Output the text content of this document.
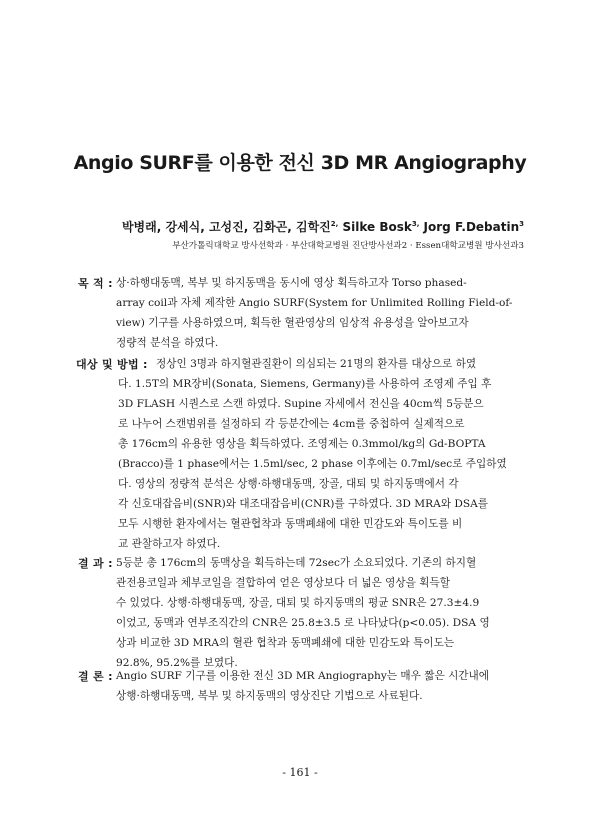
Angio SURF를 이용한 전신 3D MR Angiography
박병래, 강세식, 고성진, 김화곤, 김학진$^{2,}$ Silke Bosk$^{3,}$ Jorg F.Debatin$^3$
부산가톨릭대학교 방사선학과 · 부산대학교병원 진단방사선과2 · Essen대학교병원 방사선과3
목 적 : 상·하행대동맥, 복부 및 하지동맥을 동시에 영상 획득하고자 Torso phased-
array coil과 자체 제작한 Angio SURF(System for Unlimited Rolling Field-of-
view) 기구를 사용하였으며, 획득한 혈관영상의 임상적 유용성을 알아보고자
정량적 분석을 하였다.
대상 및 방법 : 정상인 3명과 하지혈관질환이 의심되는 21명의 환자를 대상으로 하였
다. 1.5T의 MR장비(Sonata, Siemens, Germany)를 사용하여 조영제 주입 후
3D FLASH 시퀀스로 스캔 하였다. Supine 자세에서 전신을 40cm씩 5등분으
로 나누어 스캔범위를 설정하되 각 등분간에는 4cm를 중첩하여 실제적으로
총 176cm의 유용한 영상을 획득하였다. 조영제는 0.3mmol/kg의 Gd-BOPTA
(Bracco)를 1 phase에서는 1.5ml/sec, 2 phase 이후에는 0.7ml/sec로 주입하였
다. 영상의 정량적 분석은 상행·하행대동맥, 장골, 대퇴 및 하지동맥에서 각
각 신호대잡음비(SNR)와 대조대잡음비(CNR)를 구하였다. 3D MRA와 DSA를
모두 시행한 환자에서는 혈관협착과 동맥폐쇄에 대한 민감도와 특이도를 비
교 관찰하고자 하였다.
결 과 : 5등분 총 176cm의 동맥상을 획득하는데 72sec가 소요되었다. 기존의 하지혈
관전용코일과 체부코일을 결합하여 얻은 영상보다 더 넓은 영상을 획득할
수 있었다. 상행·하행대동맥, 장골, 대퇴 및 하지동맥의 평균 SNR은 27.3±4.9
이었고, 동맥과 연부조직간의 CNR은 25.8±3.5 로 나타났다(p<0.05). DSA 영
상과 비교한 3D MRA의 혈관 협착과 동맥폐쇄에 대한 민감도와 특이도는
92.8%, 95.2%를 보였다.
결 론 : Angio SURF 기구를 이용한 전신 3D MR Angiography는 매우 짧은 시간내에
상행·하행대동맥, 복부 및 하지동맥의 영상진단 기법으로 사료된다.
- 161 -
